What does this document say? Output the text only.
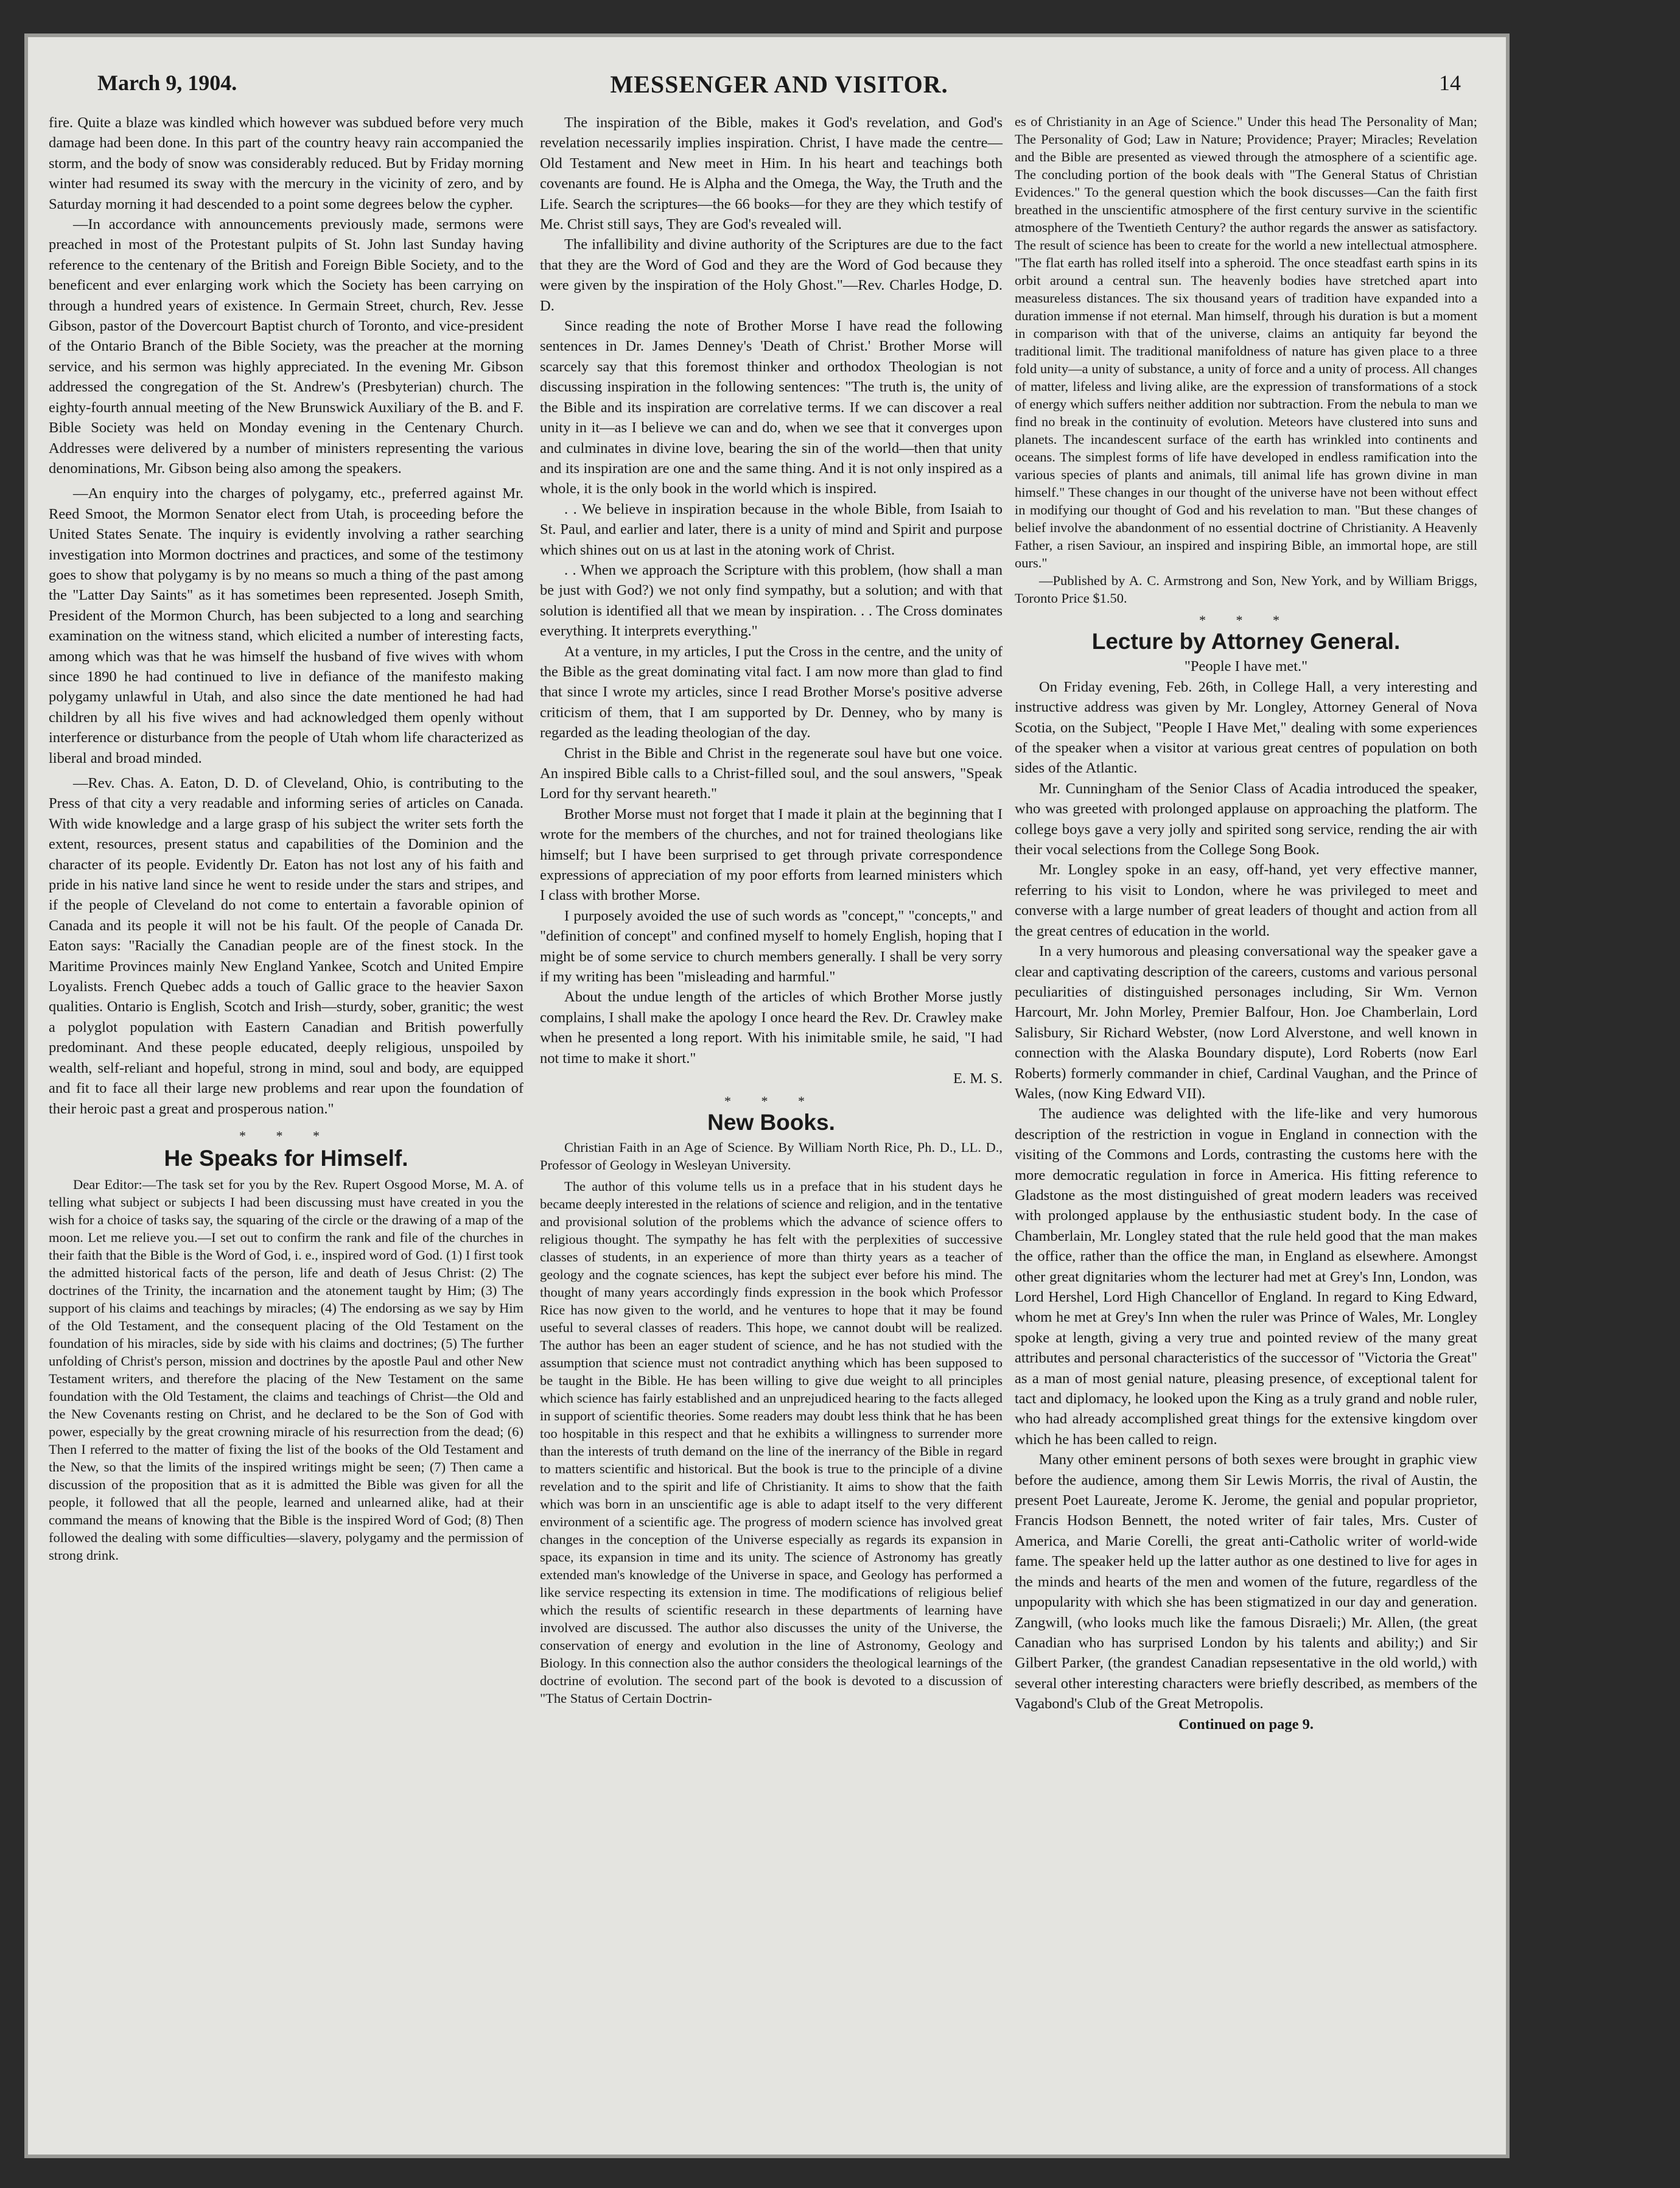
March 9, 1904.	MESSENGER AND VISITOR.	14

fire. Quite a blaze was kindled which however was subdued before very much damage had been done. In this part of the country heavy rain accompanied the storm, and the body of snow was considerably reduced. But by Friday morning winter had resumed its sway with the mercury in the vicinity of zero, and by Saturday morning it had descended to a point some degrees below the cypher.

—In accordance with announcements previously made, sermons were preached in most of the Protestant pulpits of St. John last Sunday having reference to the centenary of the British and Foreign Bible Society, and to the beneficent and ever enlarging work which the Society has been carrying on through a hundred years of existence. In Germain Street, church, Rev. Jesse Gibson, pastor of the Dovercourt Baptist church of Toronto, and vice-president of the Ontario Branch of the Bible Society, was the preacher at the morning service, and his sermon was highly appreciated. In the evening Mr. Gibson addressed the congregation of the St. Andrew's (Presbyterian) church. The eighty-fourth annual meeting of the New Brunswick Auxiliary of the B. and F. Bible Society was held on Monday evening in the Centenary Church. Addresses were delivered by a number of ministers representing the various denominations, Mr. Gibson being also among the speakers.

—An enquiry into the charges of polygamy, etc., preferred against Mr. Reed Smoot, the Mormon Senator elect from Utah, is proceeding before the United States Senate. The inquiry is evidently involving a rather searching investigation into Mormon doctrines and practices, and some of the testimony goes to show that polygamy is by no means so much a thing of the past among the "Latter Day Saints" as it has sometimes been represented. Joseph Smith, President of the Mormon Church, has been subjected to a long and searching examination on the witness stand, which elicited a number of interesting facts, among which was that he was himself the husband of five wives with whom since 1890 he had continued to live in defiance of the manifesto making polygamy unlawful in Utah, and also since the date mentioned he had had children by all his five wives and had acknowledged them openly without interference or disturbance from the people of Utah whom life characterized as liberal and broad minded.

—Rev. Chas. A. Eaton, D. D. of Cleveland, Ohio, is contributing to the Press of that city a very readable and informing series of articles on Canada. With wide knowledge and a large grasp of his subject the writer sets forth the extent, resources, present status and capabilities of the Dominion and the character of its people. Evidently Dr. Eaton has not lost any of his faith and pride in his native land since he went to reside under the stars and stripes, and if the people of Cleveland do not come to entertain a favorable opinion of Canada and its people it will not be his fault. Of the people of Canada Dr. Eaton says: "Racially the Canadian people are of the finest stock. In the Maritime Provinces mainly New England Yankee, Scotch and United Empire Loyalists. French Quebec adds a touch of Gallic grace to the heavier Saxon qualities. Ontario is English, Scotch and Irish—sturdy, sober, granitic; the west a polyglot population with Eastern Canadian and British powerfully predominant. And these people educated, deeply religious, unspoiled by wealth, self-reliant and hopeful, strong in mind, soul and body, are equipped and fit to face all their large new problems and rear upon the foundation of their heroic past a great and prosperous nation."

* * *
He Speaks for Himself.

Dear Editor:—The task set for you by the Rev. Rupert Osgood Morse, M. A. of telling what subject or subjects I had been discussing must have created in you the wish for a choice of tasks say, the squaring of the circle or the drawing of a map of the moon. Let me relieve you.—I set out to confirm the rank and file of the churches in their faith that the Bible is the Word of God, i. e., inspired word of God. (1) I first took the admitted historical facts of the person, life and death of Jesus Christ: (2) The doctrines of the Trinity, the incarnation and the atonement taught by Him; (3) The support of his claims and teachings by miracles; (4) The endorsing as we say by Him of the Old Testament, and the consequent placing of the Old Testament on the foundation of his miracles, side by side with his claims and doctrines; (5) The further unfolding of Christ's person, mission and doctrines by the apostle Paul and other New Testament writers, and therefore the placing of the New Testament on the same foundation with the Old Testament, the claims and teachings of Christ—the Old and the New Covenants resting on Christ, and he declared to be the Son of God with power, especially by the great crowning miracle of his resurrection from the dead; (6) Then I referred to the matter of fixing the list of the books of the Old Testament and the New, so that the limits of the inspired writings might be seen; (7) Then came a discussion of the proposition that as it is admitted the Bible was given for all the people, it followed that all the people, learned and unlearned alike, had at their command the means of knowing that the Bible is the inspired Word of God; (8) Then followed the dealing with some difficulties—slavery, polygamy and the permission of strong drink.

The inspiration of the Bible, makes it God's revelation, and God's revelation necessarily implies inspiration. Christ, I have made the centre—Old Testament and New meet in Him. In his heart and teachings both covenants are found. He is Alpha and the Omega, the Way, the Truth and the Life. Search the scriptures—the 66 books—for they are they which testify of Me. Christ still says, They are God's revealed will.

The infallibility and divine authority of the Scriptures are due to the fact that they are the Word of God and they are the Word of God because they were given by the inspiration of the Holy Ghost."—Rev. Charles Hodge, D. D.

Since reading the note of Brother Morse I have read the following sentences in Dr. James Denney's 'Death of Christ.' Brother Morse will scarcely say that this foremost thinker and orthodox Theologian is not discussing inspiration in the following sentences: "The truth is, the unity of the Bible and its inspiration are correlative terms. If we can discover a real unity in it—as I believe we can and do, when we see that it converges upon and culminates in divine love, bearing the sin of the world—then that unity and its inspiration are one and the same thing. And it is not only inspired as a whole, it is the only book in the world which is inspired.

. . We believe in inspiration because in the whole Bible, from Isaiah to St. Paul, and earlier and later, there is a unity of mind and Spirit and purpose which shines out on us at last in the atoning work of Christ.

. . When we approach the Scripture with this problem, (how shall a man be just with God?) we not only find sympathy, but a solution; and with that solution is identified all that we mean by inspiration. . . The Cross dominates everything. It interprets everything."

At a venture, in my articles, I put the Cross in the centre, and the unity of the Bible as the great dominating vital fact. I am now more than glad to find that since I wrote my articles, since I read Brother Morse's positive adverse criticism of them, that I am supported by Dr. Denney, who by many is regarded as the leading theologian of the day.

Christ in the Bible and Christ in the regenerate soul have but one voice. An inspired Bible calls to a Christ-filled soul, and the soul answers, "Speak Lord for thy servant heareth."

Brother Morse must not forget that I made it plain at the beginning that I wrote for the members of the churches, and not for trained theologians like himself; but I have been surprised to get through private correspondence expressions of appreciation of my poor efforts from learned ministers which I class with brother Morse.

I purposely avoided the use of such words as "concept," "concepts," and "definition of concept" and confined myself to homely English, hoping that I might be of some service to church members generally. I shall be very sorry if my writing has been "misleading and harmful."

About the undue length of the articles of which Brother Morse justly complains, I shall make the apology I once heard the Rev. Dr. Crawley make when he presented a long report. With his inimitable smile, he said, "I had not time to make it short."

E. M. S.
* * *
New Books.

Christian Faith in an Age of Science. By William North Rice, Ph. D., LL. D., Professor of Geology in Wesleyan University.

The author of this volume tells us in a preface that in his student days he became deeply interested in the relations of science and religion, and in the tentative and provisional solution of the problems which the advance of science offers to religious thought. The sympathy he has felt with the perplexities of successive classes of students, in an experience of more than thirty years as a teacher of geology and the cognate sciences, has kept the subject ever before his mind. The thought of many years accordingly finds expression in the book which Professor Rice has now given to the world, and he ventures to hope that it may be found useful to several classes of readers. This hope, we cannot doubt will be realized. The author has been an eager student of science, and he has not studied with the assumption that science must not contradict anything which has been supposed to be taught in the Bible. He has been willing to give due weight to all principles which science has fairly established and an unprejudiced hearing to the facts alleged in support of scientific theories. Some readers may doubt less think that he has been too hospitable in this respect and that he exhibits a willingness to surrender more than the interests of truth demand on the line of the inerrancy of the Bible in regard to matters scientific and historical. But the book is true to the principle of a divine revelation and to the spirit and life of Christianity. It aims to show that the faith which was born in an unscientific age is able to adapt itself to the very different environment of a scientific age. The progress of modern science has involved great changes in the conception of the Universe especially as regards its expansion in space, its expansion in time and its unity. The science of Astronomy has greatly extended man's knowledge of the Universe in space, and Geology has performed a like service respecting its extension in time. The modifications of religious belief which the results of scientific research in these departments of learning have involved are discussed. The author also discusses the unity of the Universe, the conservation of energy and evolution in the line of Astronomy, Geology and Biology. In this connection also the author considers the theological learnings of the doctrine of evolution. The second part of the book is devoted to a discussion of "The Status of Certain Doctrin-

es of Christianity in an Age of Science." Under this head The Personality of Man; The Personality of God; Law in Nature; Providence; Prayer; Miracles; Revelation and the Bible are presented as viewed through the atmosphere of a scientific age. The concluding portion of the book deals with "The General Status of Christian Evidences." To the general question which the book discusses—Can the faith first breathed in the unscientific atmosphere of the first century survive in the scientific atmosphere of the Twentieth Century? the author regards the answer as satisfactory. The result of science has been to create for the world a new intellectual atmosphere. "The flat earth has rolled itself into a spheroid. The once steadfast earth spins in its orbit around a central sun. The heavenly bodies have stretched apart into measureless distances. The six thousand years of tradition have expanded into a duration immense if not eternal. Man himself, through his duration is but a moment in comparison with that of the universe, claims an antiquity far beyond the traditional limit. The traditional manifoldness of nature has given place to a three fold unity—a unity of substance, a unity of force and a unity of process. All changes of matter, lifeless and living alike, are the expression of transformations of a stock of energy which suffers neither addition nor subtraction. From the nebula to man we find no break in the continuity of evolution. Meteors have clustered into suns and planets. The incandescent surface of the earth has wrinkled into continents and oceans. The simplest forms of life have developed in endless ramification into the various species of plants and animals, till animal life has grown divine in man himself." These changes in our thought of the universe have not been without effect in modifying our thought of God and his revelation to man. "But these changes of belief involve the abandonment of no essential doctrine of Christianity. A Heavenly Father, a risen Saviour, an inspired and inspiring Bible, an immortal hope, are still ours."

—Published by A. C. Armstrong and Son, New York, and by William Briggs, Toronto Price $1.50.

* * *
Lecture by Attorney General.
"People I have met."

On Friday evening, Feb. 26th, in College Hall, a very interesting and instructive address was given by Mr. Longley, Attorney General of Nova Scotia, on the Subject, "People I Have Met," dealing with some experiences of the speaker when a visitor at various great centres of population on both sides of the Atlantic.

Mr. Cunningham of the Senior Class of Acadia introduced the speaker, who was greeted with prolonged applause on approaching the platform. The college boys gave a very jolly and spirited song service, rending the air with their vocal selections from the College Song Book.

Mr. Longley spoke in an easy, off-hand, yet very effective manner, referring to his visit to London, where he was privileged to meet and converse with a large number of great leaders of thought and action from all the great centres of education in the world.

In a very humorous and pleasing conversational way the speaker gave a clear and captivating description of the careers, customs and various personal peculiarities of distinguished personages including, Sir Wm. Vernon Harcourt, Mr. John Morley, Premier Balfour, Hon. Joe Chamberlain, Lord Salisbury, Sir Richard Webster, (now Lord Alverstone, and well known in connection with the Alaska Boundary dispute), Lord Roberts (now Earl Roberts) formerly commander in chief, Cardinal Vaughan, and the Prince of Wales, (now King Edward VII).

The audience was delighted with the life-like and very humorous description of the restriction in vogue in England in connection with the visiting of the Commons and Lords, contrasting the customs here with the more democratic regulation in force in America. His fitting reference to Gladstone as the most distinguished of great modern leaders was received with prolonged applause by the enthusiastic student body. In the case of Chamberlain, Mr. Longley stated that the rule held good that the man makes the office, rather than the office the man, in England as elsewhere. Amongst other great dignitaries whom the lecturer had met at Grey's Inn, London, was Lord Hershel, Lord High Chancellor of England. In regard to King Edward, whom he met at Grey's Inn when the ruler was Prince of Wales, Mr. Longley spoke at length, giving a very true and pointed review of the many great attributes and personal characteristics of the successor of "Victoria the Great" as a man of most genial nature, pleasing presence, of exceptional talent for tact and diplomacy, he looked upon the King as a truly grand and noble ruler, who had already accomplished great things for the extensive kingdom over which he has been called to reign.

Many other eminent persons of both sexes were brought in graphic view before the audience, among them Sir Lewis Morris, the rival of Austin, the present Poet Laureate, Jerome K. Jerome, the genial and popular proprietor, Francis Hodson Bennett, the noted writer of fair tales, Mrs. Custer of America, and Marie Corelli, the great anti-Catholic writer of world-wide fame. The speaker held up the latter author as one destined to live for ages in the minds and hearts of the men and women of the future, regardless of the unpopularity with which she has been stigmatized in our day and generation. Zangwill, (who looks much like the famous Disraeli;) Mr. Allen, (the great Canadian who has surprised London by his talents and ability;) and Sir Gilbert Parker, (the grandest Canadian repsesentative in the old world,) with several other interesting characters were briefly described, as members of the Vagabond's Club of the Great Metropolis.

Continued on page 9.
